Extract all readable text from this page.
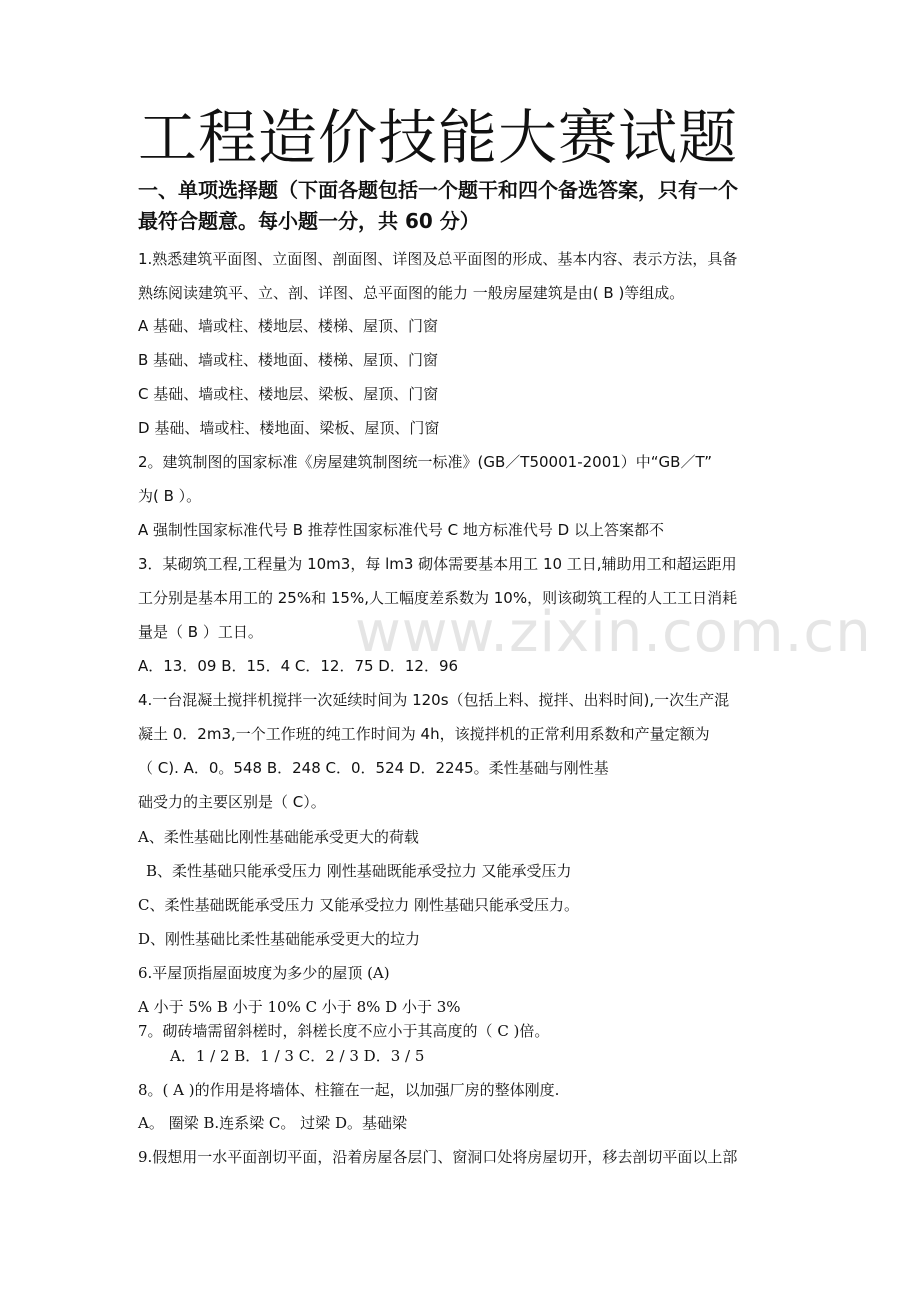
工程造价技能大赛试题
一、单项选择题（下面各题包括一个题干和四个备选答案，只有一个
最符合题意。每小题一分，共 60 分）
1.熟悉建筑平面图、立面图、剖面图、详图及总平面图的形成、基本内容、表示方法，具备
熟练阅读建筑平、立、剖、详图、总平面图的能力 一般房屋建筑是由( B )等组成。
A 基础、墙或柱、楼地层、楼梯、屋顶、门窗
B 基础、墙或柱、楼地面、楼梯、屋顶、门窗
C 基础、墙或柱、楼地层、梁板、屋顶、门窗
D 基础、墙或柱、楼地面、梁板、屋顶、门窗
2。建筑制图的国家标准《房屋建筑制图统一标准》(GB／T50001-2001）中“GB／T”
为( B ）。
A 强制性国家标准代号 B 推荐性国家标准代号 C 地方标准代号 D 以上答案都不
3．某砌筑工程,工程量为 10m3，每 lm3 砌体需要基本用工 10 工日,辅助用工和超运距用
工分别是基本用工的 25%和 15%,人工幅度差系数为 10%，则该砌筑工程的人工工日消耗
量是（ B ）工日。
A．13．09 B．15．4 C．12．75 D．12．96
4.一台混凝土搅拌机搅拌一次延续时间为 120s（包括上料、搅拌、出料时间),一次生产混
凝土 0．2m3,一个工作班的纯工作时间为 4h，该搅拌机的正常利用系数和产量定额为
（ C). A．0。548 B．248 C．0．524 D．2245。柔性基础与刚性基
础受力的主要区别是（ C）。
A、柔性基础比刚性基础能承受更大的荷载
B、柔性基础只能承受压力 刚性基础既能承受拉力 又能承受压力
C、柔性基础既能承受压力 又能承受拉力 刚性基础只能承受压力。
D、刚性基础比柔性基础能承受更大的垃力
6.平屋顶指屋面坡度为多少的屋顶 (A)
A 小于 5% B 小于 10% C 小于 8% D 小于 3%
7。砌砖墙需留斜槎时，斜槎长度不应小于其高度的（ C )倍。
A．1 / 2 B．1 / 3 C．2 / 3 D．3 / 5
8。( A )的作用是将墙体、柱箍在一起，以加强厂房的整体刚度.
A。 圈梁 B.连系梁 C。 过梁 D。基础梁
9.假想用一水平面剖切平面，沿着房屋各层门、窗洞口处将房屋切开，移去剖切平面以上部
www.zixin.com.cn
